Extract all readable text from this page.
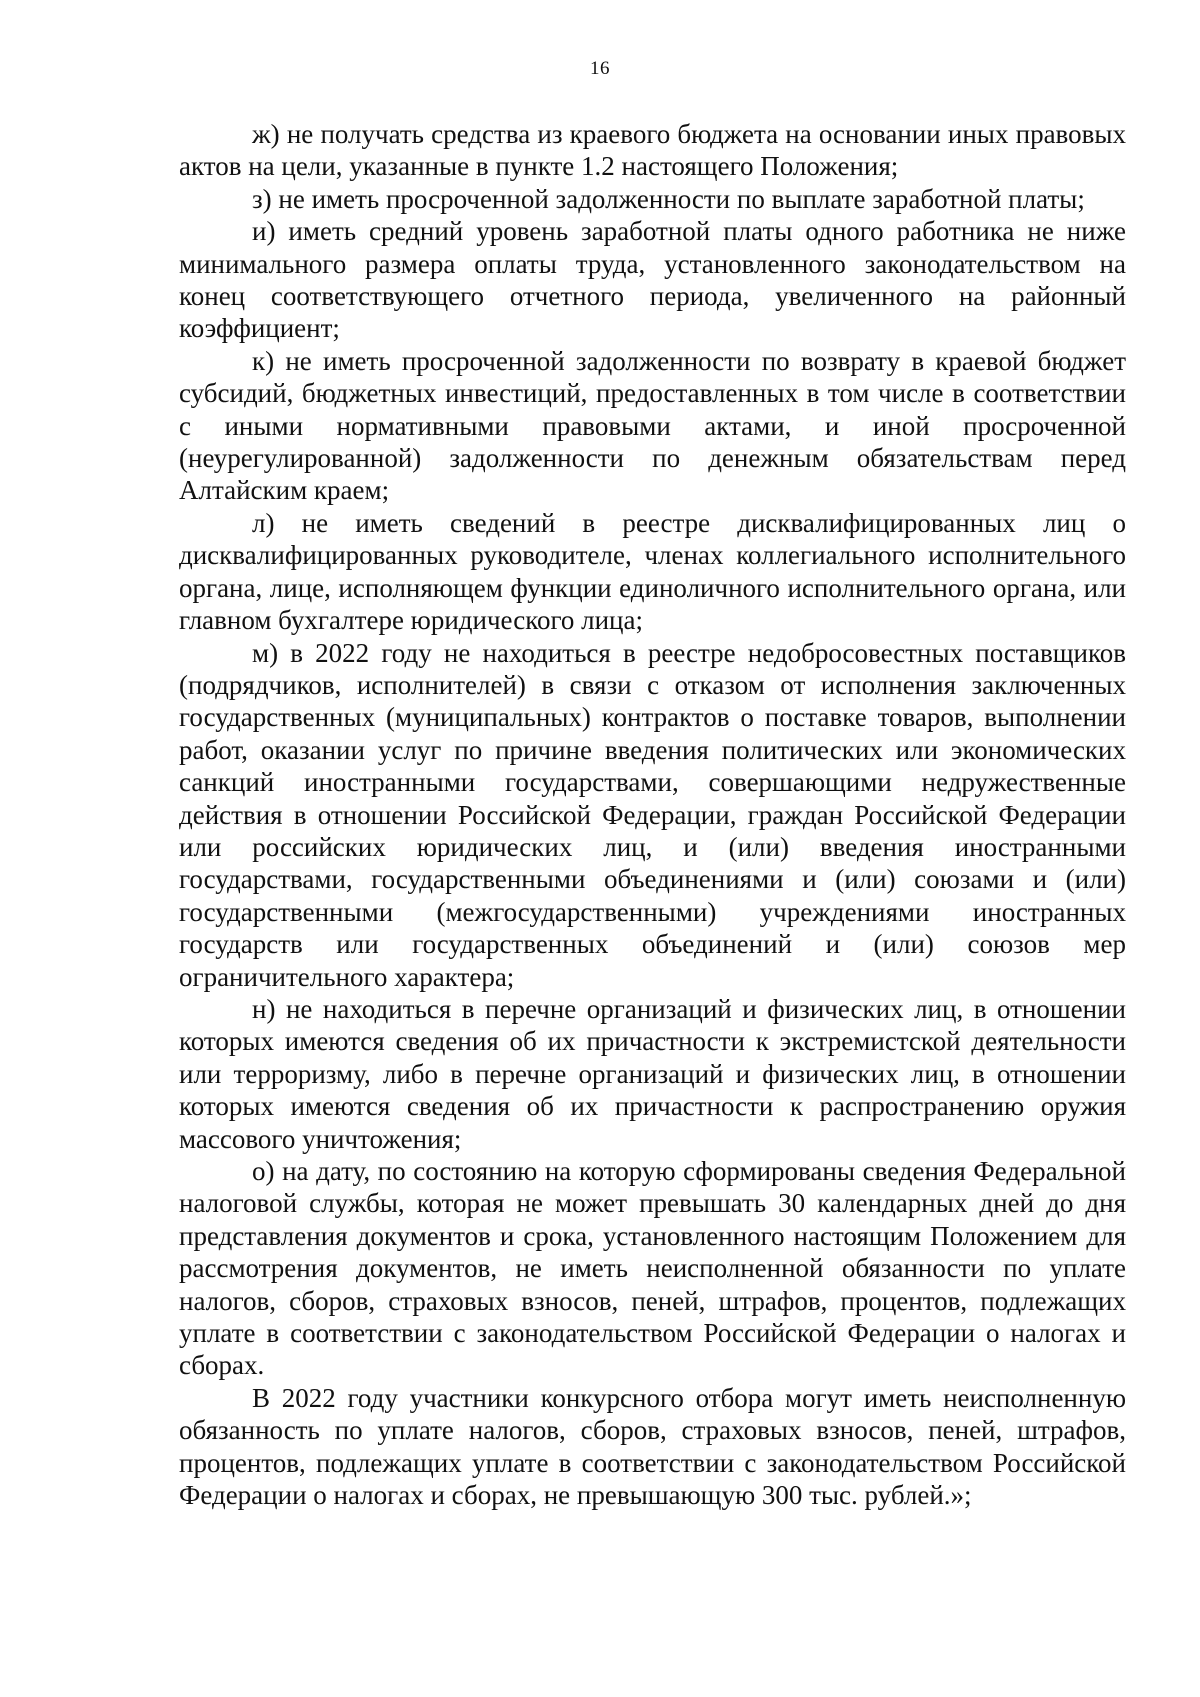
16

ж) не получать средства из краевого бюджета на основании иных правовых актов на цели, указанные в пункте 1.2 настоящего Положения;

з) не иметь просроченной задолженности по выплате заработной платы;

и) иметь средний уровень заработной платы одного работника не ниже минимального размера оплаты труда, установленного законодательством на конец соответствующего отчетного периода, увеличенного на районный коэффициент;

к) не иметь просроченной задолженности по возврату в краевой бюджет субсидий, бюджетных инвестиций, предоставленных в том числе в соответствии с иными нормативными правовыми актами, и иной просроченной (неурегулированной) задолженности по денежным обязательствам перед Алтайским краем;

л) не иметь сведений в реестре дисквалифицированных лиц о дисквалифицированных руководителе, членах коллегиального исполнительного органа, лице, исполняющем функции единоличного исполнительного органа, или главном бухгалтере юридического лица;

м) в 2022 году не находиться в реестре недобросовестных поставщиков (подрядчиков, исполнителей) в связи с отказом от исполнения заключенных государственных (муниципальных) контрактов о поставке товаров, выполнении работ, оказании услуг по причине введения политических или экономических санкций иностранными государствами, совершающими недружественные действия в отношении Российской Федерации, граждан Российской Федерации или российских юридических лиц, и (или) введения иностранными государствами, государственными объединениями и (или) союзами и (или) государственными (межгосударственными) учреждениями иностранных государств или государственных объединений и (или) союзов мер ограничительного характера;

н) не находиться в перечне организаций и физических лиц, в отношении которых имеются сведения об их причастности к экстремистской деятельности или терроризму, либо в перечне организаций и физических лиц, в отношении которых имеются сведения об их причастности к распространению оружия массового уничтожения;

о) на дату, по состоянию на которую сформированы сведения Федеральной налоговой службы, которая не может превышать 30 календарных дней до дня представления документов и срока, установленного настоящим Положением для рассмотрения документов, не иметь неисполненной обязанности по уплате налогов, сборов, страховых взносов, пеней, штрафов, процентов, подлежащих уплате в соответствии с законодательством Российской Федерации о налогах и сборах.

В 2022 году участники конкурсного отбора могут иметь неисполненную обязанность по уплате налогов, сборов, страховых взносов, пеней, штрафов, процентов, подлежащих уплате в соответствии с законодательством Российской Федерации о налогах и сборах, не превышающую 300 тыс. рублей.»;
